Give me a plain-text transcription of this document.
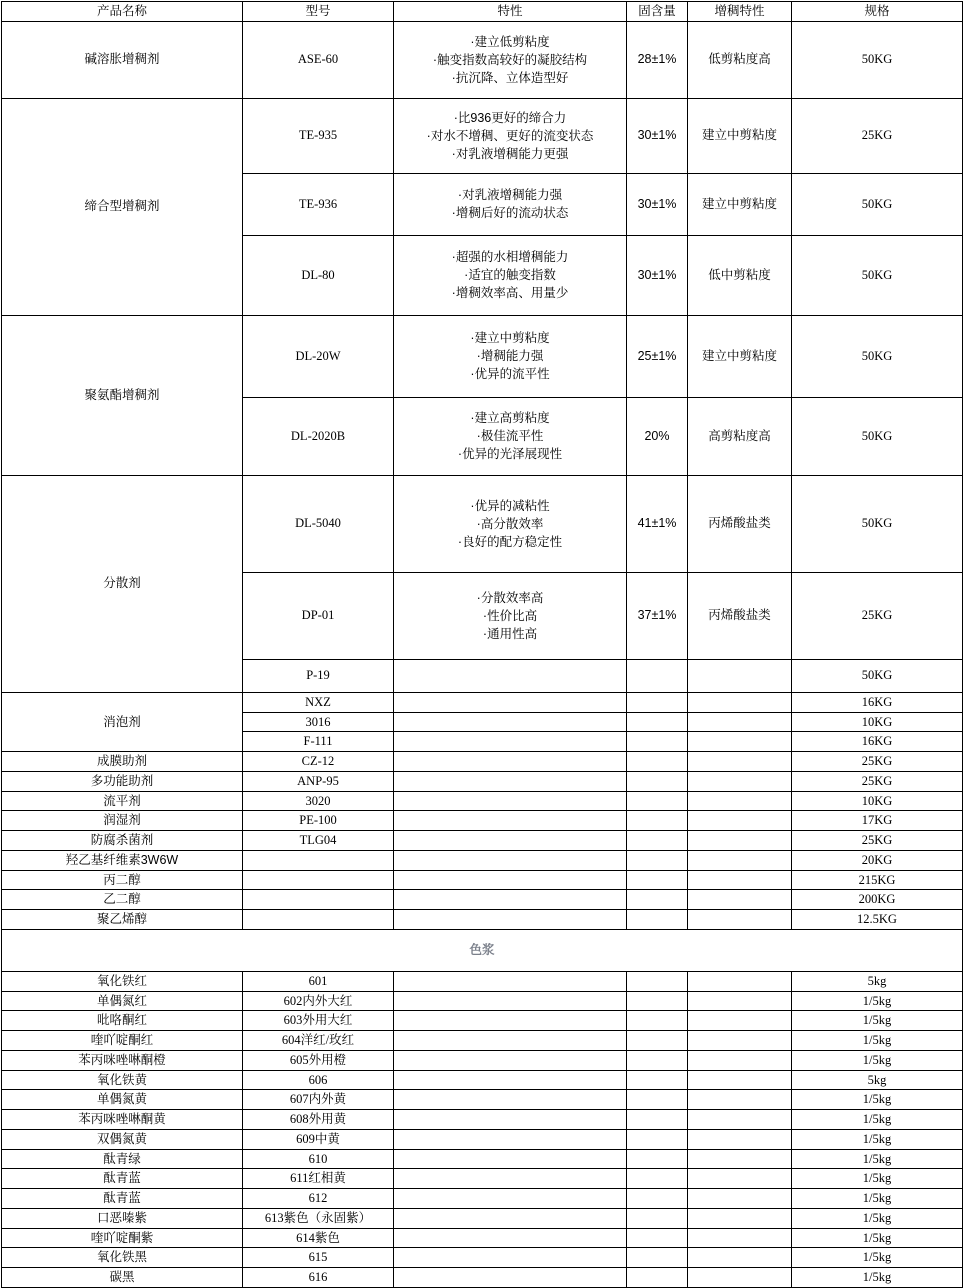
产品名称	型号	特性	固含量	增稠特性	规格
碱溶胀增稠剂	ASE-60	·建立低剪粘度
·触变指数高较好的凝胶结构
·抗沉降、立体造型好	28±1%	低剪粘度高	50KG
缔合型增稠剂	TE-935	·比936更好的缔合力
·对水不增稠、更好的流变状态
·对乳液增稠能力更强	30±1%	建立中剪粘度	25KG
	TE-936	·对乳液增稠能力强
·增稠后好的流动状态	30±1%	建立中剪粘度	50KG
	DL-80	·超强的水相增稠能力
·适宜的触变指数
·增稠效率高、用量少	30±1%	低中剪粘度	50KG
聚氨酯增稠剂	DL-20W	·建立中剪粘度
·增稠能力强
·优异的流平性	25±1%	建立中剪粘度	50KG
	DL-2020B	·建立高剪粘度
·极佳流平性
·优异的光泽展现性	20%	高剪粘度高	50KG
分散剂	DL-5040	·优异的减粘性
·高分散效率
·良好的配方稳定性	41±1%	丙烯酸盐类	50KG
	DP-01	·分散效率高
·性价比高
·通用性高	37±1%	丙烯酸盐类	25KG
	P-19				50KG
消泡剂	NXZ				16KG
	3016				10KG
	F-111				16KG
成膜助剂	CZ-12				25KG
多功能助剂	ANP-95				25KG
流平剂	3020				10KG
润湿剂	PE-100				17KG
防腐杀菌剂	TLG04				25KG
羟乙基纤维素3W6W					20KG
丙二醇					215KG
乙二醇					200KG
聚乙烯醇					12.5KG
色浆					
氧化铁红	601				5kg
单偶氮红	602内外大红				1/5kg
吡咯酮红	603外用大红				1/5kg
喹吖啶酮红	604洋红/玫红				1/5kg
苯丙咪唑啉酮橙	605外用橙				1/5kg
氧化铁黄	606				5kg
单偶氮黄	607内外黄				1/5kg
苯丙咪唑啉酮黄	608外用黄				1/5kg
双偶氮黄	609中黄				1/5kg
酞青绿	610				1/5kg
酞青蓝	611红相黄				1/5kg
酞青蓝	612				1/5kg
口恶嗪紫	613紫色（永固紫）				1/5kg
喹吖啶酮紫	614紫色				1/5kg
氧化铁黑	615				1/5kg
碳黑	616				1/5kg
